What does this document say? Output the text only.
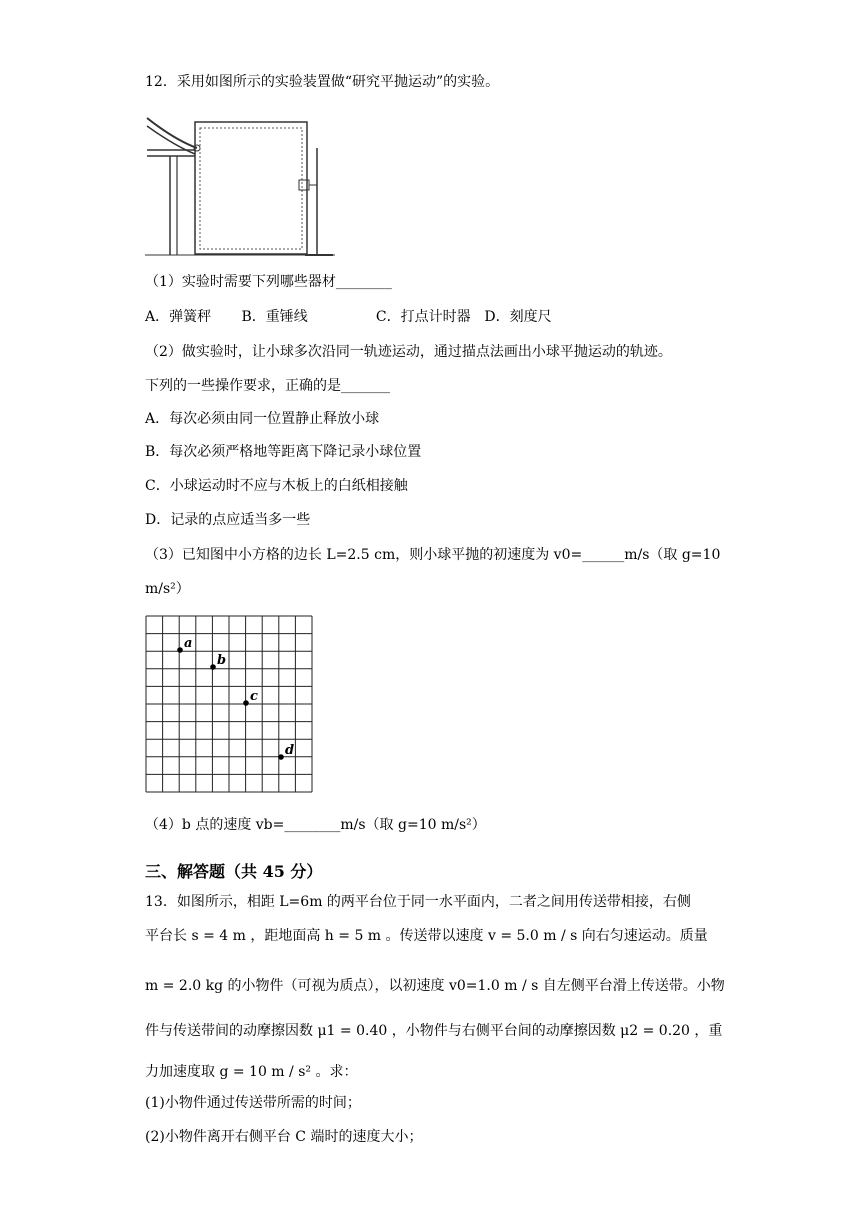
12．采用如图所示的实验装置做“研究平抛运动”的实验。
（1）实验时需要下列哪些器材________
A．弹簧秤 B．重锤线	C．打点计时器 D．刻度尺
（2）做实验时，让小球多次沿同一轨迹运动，通过描点法画出小球平抛运动的轨迹。
下列的一些操作要求，正确的是_______
A．每次必须由同一位置静止释放小球
B．每次必须严格地等距离下降记录小球位置
C．小球运动时不应与木板上的白纸相接触
D．记录的点应适当多一些
（3）已知图中小方格的边长 L=2.5 cm，则小球平抛的初速度为 v0=______m/s（取 g=10
m/s²）
a
b
c
d
（4）b 点的速度 vb=________m/s（取 g=10 m/s²）
三、解答题（共 45 分）
13．如图所示，相距 L=6m 的两平台位于同一水平面内，二者之间用传送带相接，右侧
平台长 s = 4 m ，距地面高 h = 5 m 。传送带以速度 v = 5.0 m / s 向右匀速运动。质量
m = 2.0 kg 的小物件（可视为质点），以初速度 v0=1.0 m / s 自左侧平台滑上传送带。小物
件与传送带间的动摩擦因数 μ1 = 0.40 ，小物件与右侧平台间的动摩擦因数 μ2 = 0.20 ，重
力加速度取 g = 10 m / s² 。求：
(1)小物件通过传送带所需的时间；
(2)小物件离开右侧平台 C 端时的速度大小；
